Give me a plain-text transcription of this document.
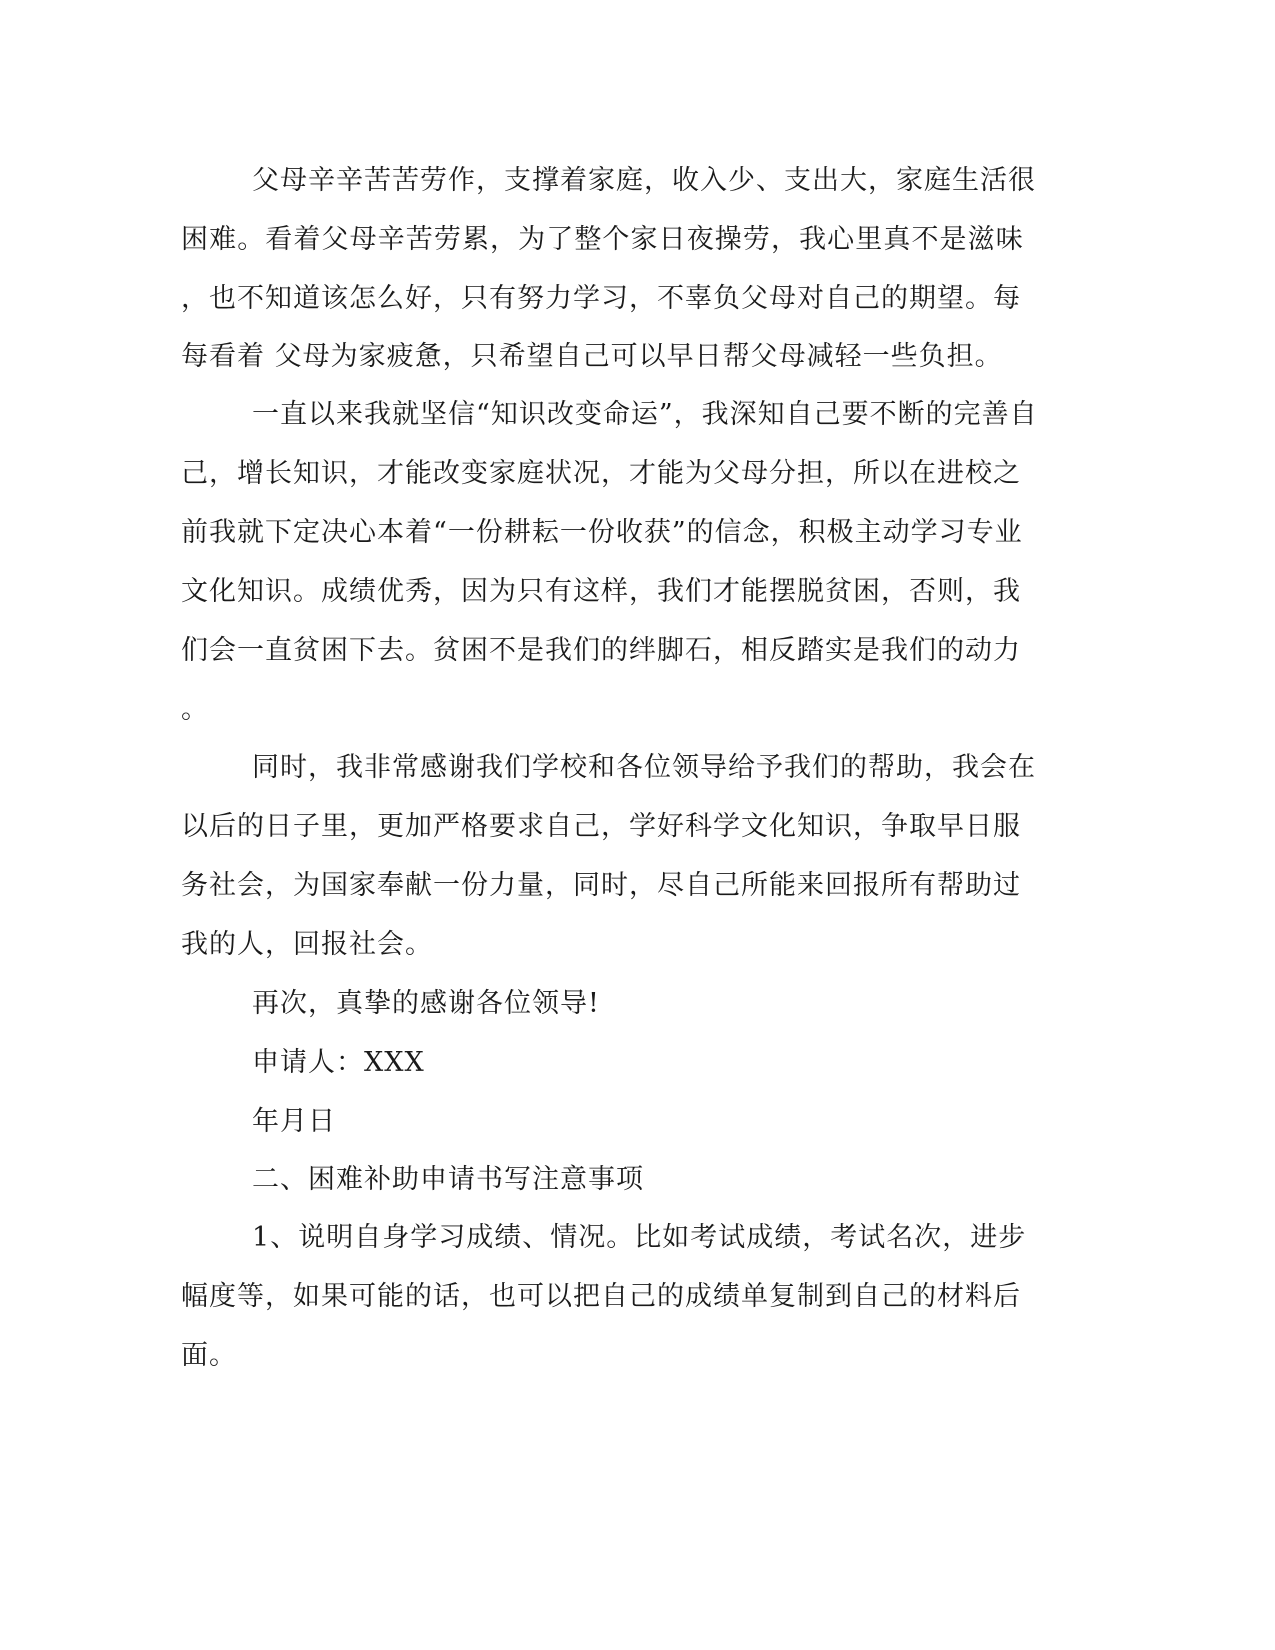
父 母 辛 辛 苦 苦 劳 作 ， 支 撑 着 家 庭 ， 收 入 少 、 支 出 大 ， 家 庭 生 活 很
困 难 。 看 着 父 母 辛 苦 劳 累 ， 为 了 整 个 家 日 夜 操 劳 ， 我 心 里 真 不 是 滋 味
， 也 不 知 道 该 怎 么 好 ， 只 有 努 力 学 习 ， 不 辜 负 父 母 对 自 己 的 期 望 。 每
每 看 着
父 母 为 家 疲 惫 ， 只 希 望 自 己 可 以 早 日 帮 父 母 减 轻 一 些 负 担 。
一 直 以 来 我 就 坚 信 “ 知 识 改 变 命 运 ” ， 我 深 知 自 己 要 不 断 的 完 善 自
己 ， 增 长 知 识 ， 才 能 改 变 家 庭 状 况 ， 才 能 为 父 母 分 担 ， 所 以 在 进 校 之
前 我 就 下 定 决 心 本 着 “ 一 份 耕 耘 一 份 收 获 ” 的 信 念 ， 积 极 主 动 学 习 专 业
文 化 知 识 。 成 绩 优 秀 ， 因 为 只 有 这 样 ， 我 们 才 能 摆 脱 贫 困 ， 否 则 ， 我
们 会 一 直 贫 困 下 去 。 贫 困 不 是 我 们 的 绊 脚 石 ， 相 反 踏 实 是 我 们 的 动 力
。
同 时 ， 我 非 常 感 谢 我 们 学 校 和 各 位 领 导 给 予 我 们 的 帮 助 ， 我 会 在
以 后 的 日 子 里 ， 更 加 严 格 要 求 自 己 ， 学 好 科 学 文 化 知 识 ， 争 取 早 日 服
务 社 会 ， 为 国 家 奉 献 一 份 力 量 ， 同 时 ， 尽 自 己 所 能 来 回 报 所 有 帮 助 过
我的人，回报社会。
再次，真挚的感谢各位领导!
申请人：XXX
年月日
二、困难补助申请书写注意事项
1 、 说 明 自 身 学 习 成 绩 、 情 况 。 比 如 考 试 成 绩 ， 考 试 名 次 ， 进 步
幅 度 等 ， 如 果 可 能 的 话 ， 也 可 以 把 自 己 的 成 绩 单 复 制 到 自 己 的 材 料 后
面。
